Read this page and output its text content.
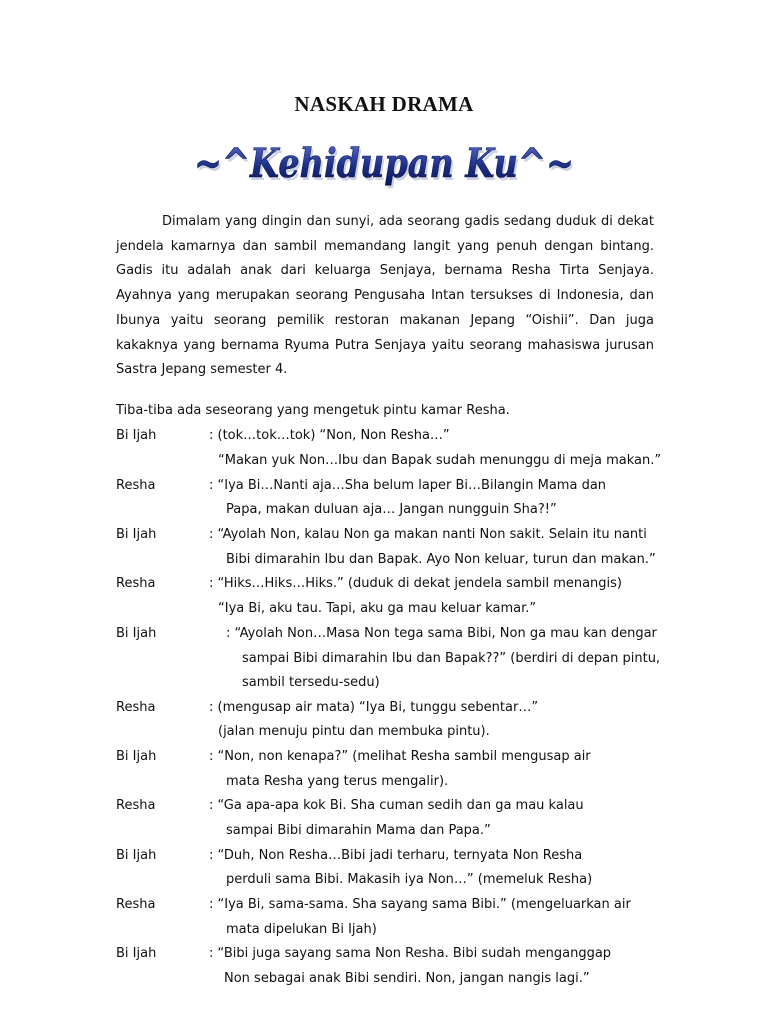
NASKAH DRAMA
~^Kehidupan Ku^~
~^Kehidupan Ku^~

Dimalam yang dingin dan sunyi, ada seorang gadis sedang duduk di dekat jendela kamarnya dan sambil memandang langit yang penuh dengan bintang. Gadis itu adalah anak dari keluarga Senjaya, bernama Resha Tirta Senjaya. Ayahnya yang merupakan seorang Pengusaha Intan tersukses di Indonesia, dan Ibunya yaitu seorang pemilik restoran makanan Jepang “Oishii”. Dan juga kakaknya yang bernama Ryuma Putra Senjaya yaitu seorang mahasiswa jurusan Sastra Jepang semester 4.

Tiba-tiba ada seseorang yang mengetuk pintu kamar Resha.

Bi Ijah	: (tok…tok…tok) “Non, Non Resha…”

“Makan yuk Non…Ibu dan Bapak sudah menunggu di meja makan.”

Resha	: “Iya Bi…Nanti aja…Sha belum laper Bi…Bilangin Mama dan

Papa, makan duluan aja… Jangan nungguin Sha?!”

Bi Ijah	: “Ayolah Non, kalau Non ga makan nanti Non sakit. Selain itu nanti

Bibi dimarahin Ibu dan Bapak. Ayo Non keluar, turun dan makan.”

Resha	: “Hiks…Hiks…Hiks.” (duduk di dekat jendela sambil menangis)

“Iya Bi, aku tau. Tapi, aku ga mau keluar kamar.”

Bi Ijah	: “Ayolah Non…Masa Non tega sama Bibi, Non ga mau kan dengar

sampai Bibi dimarahin Ibu dan Bapak??” (berdiri di depan pintu,

sambil tersedu-sedu)

Resha	: (mengusap air mata) “Iya Bi, tunggu sebentar…”

(jalan menuju pintu dan membuka pintu).

Bi Ijah	: “Non, non kenapa?” (melihat Resha sambil mengusap air

mata Resha yang terus mengalir).

Resha	: “Ga apa-apa kok Bi. Sha cuman sedih dan ga mau kalau

sampai Bibi dimarahin Mama dan Papa.”

Bi Ijah	: “Duh, Non Resha…Bibi jadi terharu, ternyata Non Resha

perduli sama Bibi. Makasih iya Non…” (memeluk Resha)

Resha	: “Iya Bi, sama-sama. Sha sayang sama Bibi.” (mengeluarkan air

mata dipelukan Bi Ijah)

Bi Ijah	: “Bibi juga sayang sama Non Resha. Bibi sudah menganggap

Non sebagai anak Bibi sendiri. Non, jangan nangis lagi.”
